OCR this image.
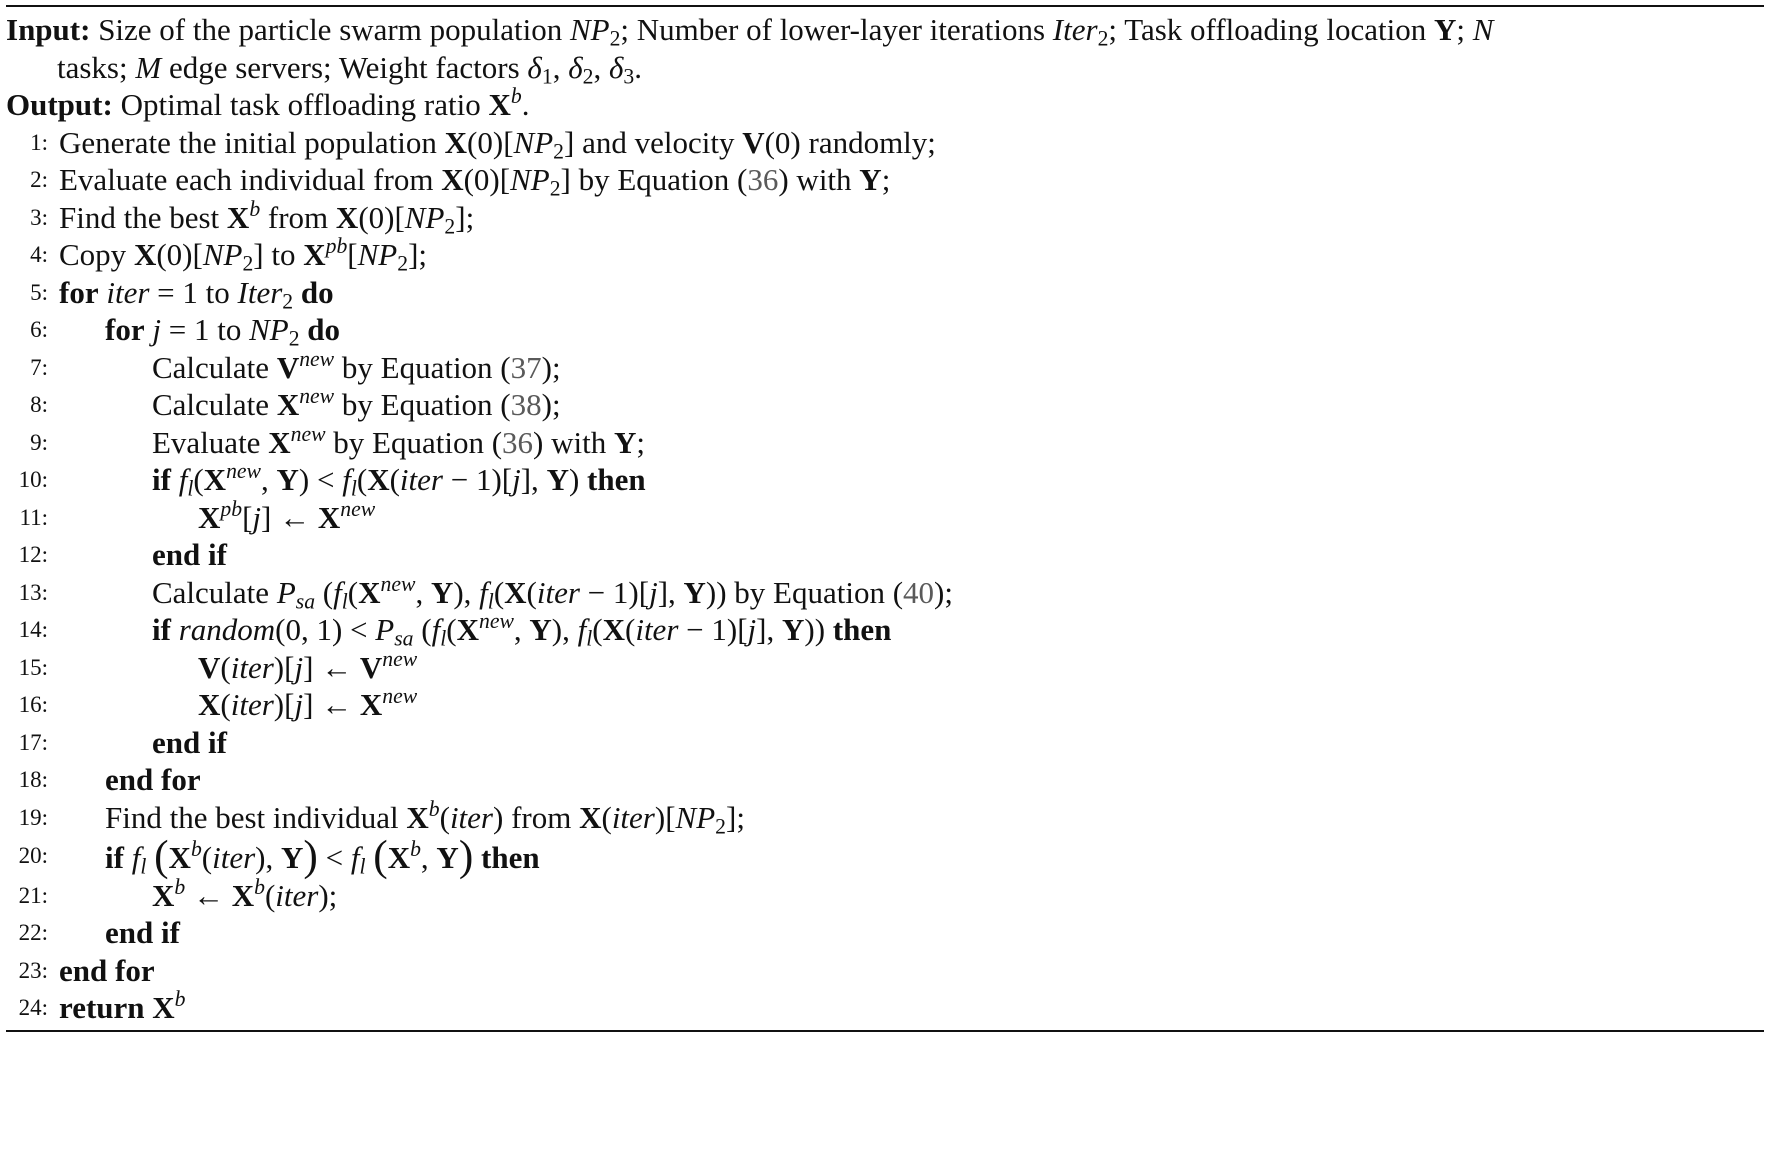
Input: Size of the particle swarm population $NP_2$; Number of lower-layer iterations Iter$_2$; Task offloading location Y; N
tasks; M edge servers; Weight factors $\delta_1$, $\delta_2$, $\delta_3$.
Output: Optimal task offloading ratio $X^b$.
1: Generate the initial population $X(0)[NP_2]$ and velocity V(0) randomly;
2: Evaluate each individual from $X(0)[NP_2]$ by Equation (36) with Y;
3: Find the best $X^b$ from $X(0)[NP_2]$;
4: Copy $X(0)[NP_2]$ to $X^{pb}[NP_2]$;
5: for iter = 1 to Iter$_2$ do
6: for j = 1 to $NP_2$ do
7:	Calculate $V^{new}$ by Equation (37);
8:	Calculate $X^{new}$ by Equation (38);
9:	Evaluate $X^{new}$ by Equation (36) with Y;
10:	if $f_l(X^{new}$, $Y) < f_l(X(iter - 1)[j]$, Y) then
11:	$X^{pb}[j]$ ← $X^{new}$
12:	end if
13:	Calculate $P_{sa}$ ($f_l(X^{new}$, Y), $f_l(X(iter - 1)[j]$, Y)) by Equation (40);
14:	if random(0, $1) < P_{sa}$ ($f_l(X^{new}$, Y), $f_l(X(iter - 1)[j]$, Y)) then
15:	V(iter)[j] ← $V^{new}$
16:	X(iter)[j] ← $X^{new}$
17:	end if
18: end for
19: Find the best individual $X^b(iter)$ from $X(iter)[NP_2]$;
20: if $f_l$ ($X^b(iter)$, $Y) < f_l$ ($X^b$, Y) then
21:	$X^b$ ← $X^b(iter)$;
22: end if
23: end for
24: return $X^b$
